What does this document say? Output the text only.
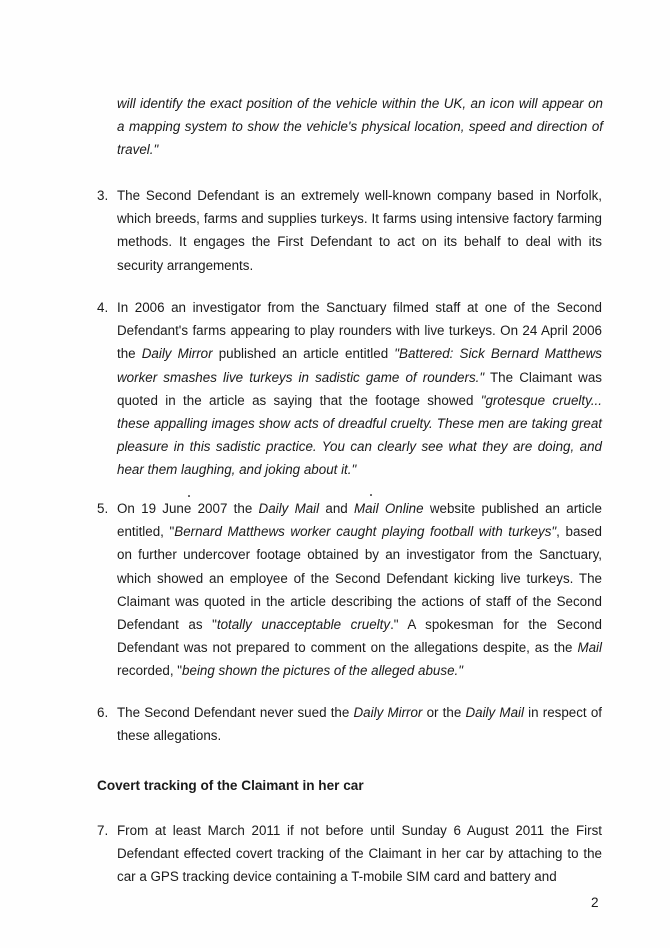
will identify the exact position of the vehicle within the UK, an icon will appear on
a mapping system to show the vehicle's physical location, speed and direction of
travel."
3. The Second Defendant is an extremely well-known company based in Norfolk,
which breeds, farms and supplies turkeys. It farms using intensive factory farming
methods. It engages the First Defendant to act on its behalf to deal with its
security arrangements.
4. In 2006 an investigator from the Sanctuary filmed staff at one of the Second
Defendant's farms appearing to play rounders with live turkeys. On 24 April 2006
the Daily Mirror published an article entitled "Battered: Sick Bernard Matthews
worker smashes live turkeys in sadistic game of rounders." The Claimant was
quoted in the article as saying that the footage showed "grotesque cruelty...
these appalling images show acts of dreadful cruelty. These men are taking great
pleasure in this sadistic practice. You can clearly see what they are doing, and
hear them laughing, and joking about it."
5. On 19 June 2007 the Daily Mail and Mail Online website published an article
entitled, "Bernard Matthews worker caught playing football with turkeys", based
on further undercover footage obtained by an investigator from the Sanctuary,
which showed an employee of the Second Defendant kicking live turkeys. The
Claimant was quoted in the article describing the actions of staff of the Second
Defendant as "totally unacceptable cruelty." A spokesman for the Second
Defendant was not prepared to comment on the allegations despite, as the Mail
recorded, "being shown the pictures of the alleged abuse."
6. The Second Defendant never sued the Daily Mirror or the Daily Mail in respect of
these allegations.
Covert tracking of the Claimant in her car
7. From at least March 2011 if not before until Sunday 6 August 2011 the First
Defendant effected covert tracking of the Claimant in her car by attaching to the
car a GPS tracking device containing a T-mobile SIM card and battery and
2
